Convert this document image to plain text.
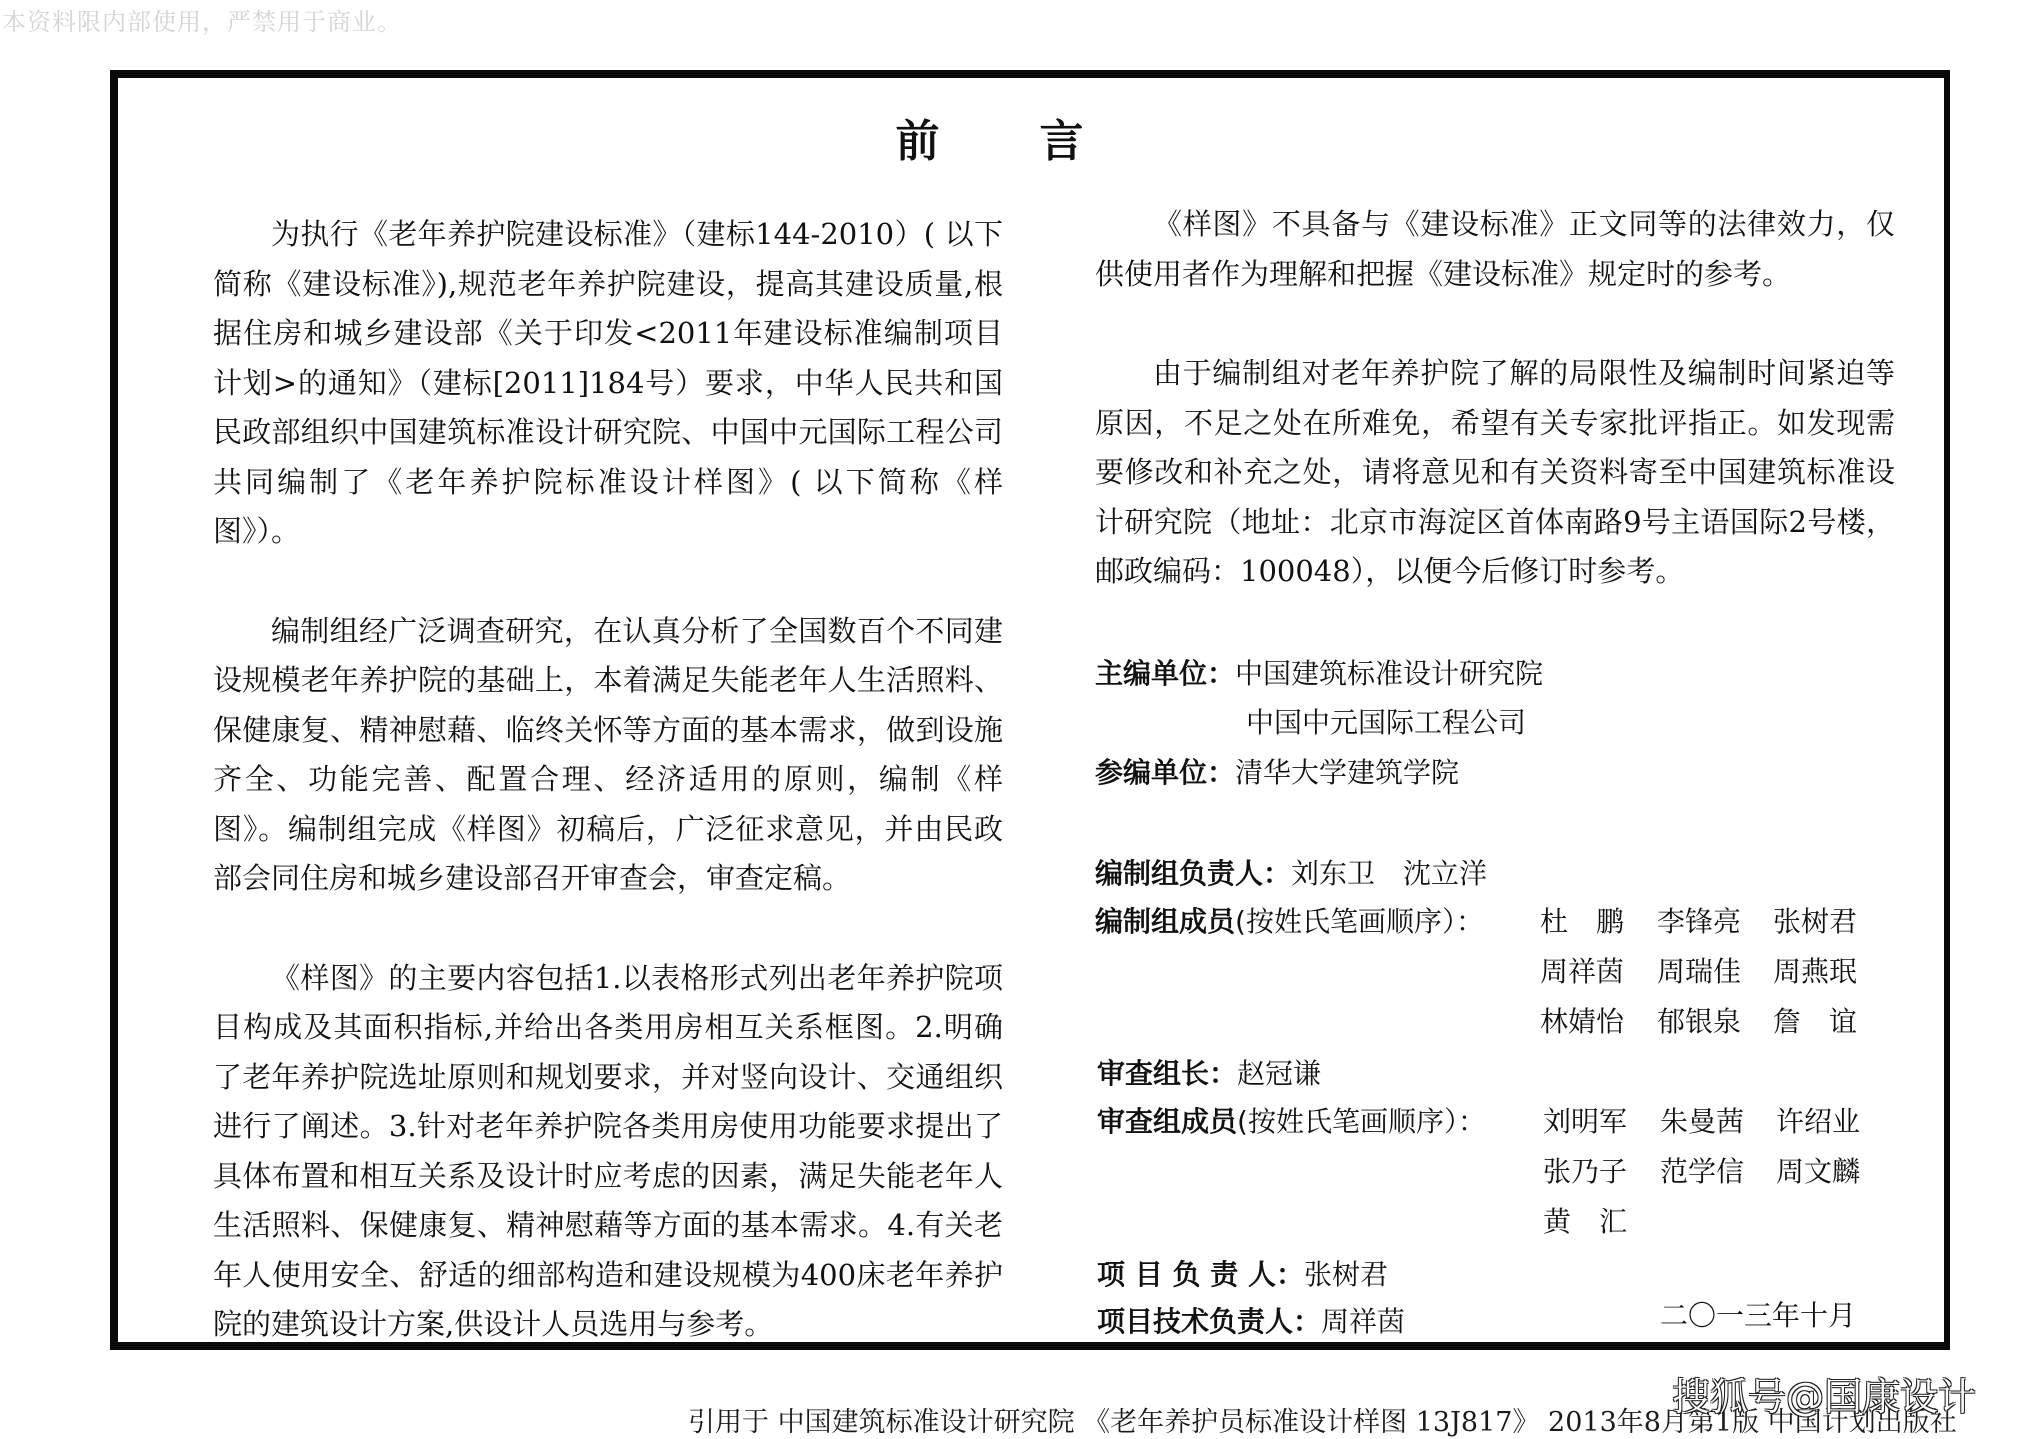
本资料限内部使用，严禁用于商业。
前言

为执行《老年养护院建设标准》（建标144-2010）( 以下简称《建设标准》),规范老年养护院建设，提高其建设质量,根据住房和城乡建设部《关于印发<2011年建设标准编制项目计划>的通知》（建标[2011]184号）要求，中华人民共和国民政部组织中国建筑标准设计研究院、中国中元国际工程公司共同编制了《老年养护院标准设计样图》( 以下简称《样图》）。

编制组经广泛调查研究，在认真分析了全国数百个不同建设规模老年养护院的基础上，本着满足失能老年人生活照料、保健康复、精神慰藉、临终关怀等方面的基本需求，做到设施齐全、功能完善、配置合理、经济适用的原则，编制《样图》。编制组完成《样图》初稿后，广泛征求意见，并由民政部会同住房和城乡建设部召开审查会，审查定稿。

《样图》的主要内容包括1.以表格形式列出老年养护院项目构成及其面积指标,并给出各类用房相互关系框图。2.明确了老年养护院选址原则和规划要求，并对竖向设计、交通组织进行了阐述。3.针对老年养护院各类用房使用功能要求提出了具体布置和相互关系及设计时应考虑的因素，满足失能老年人生活照料、保健康复、精神慰藉等方面的基本需求。4.有关老年人使用安全、舒适的细部构造和建设规模为400床老年养护院的建筑设计方案,供设计人员选用与参考。

《样图》不具备与《建设标准》正文同等的法律效力，仅供使用者作为理解和把握《建设标准》规定时的参考。

由于编制组对老年养护院了解的局限性及编制时间紧迫等原因，不足之处在所难免，希望有关专家批评指正。如发现需要修改和补充之处，请将意见和有关资料寄至中国建筑标准设计研究院（地址：北京市海淀区首体南路9号主语国际2号楼，邮政编码：100048），以便今后修订时参考。

主编单位：中国建筑标准设计研究院
中国中元国际工程公司
参编单位：清华大学建筑学院
编制组负责人：刘东卫　沈立洋
编制组成员(按姓氏笔画顺序）： 杜　鹏 李锋亮 张树君
周祥茵 周瑞佳 周燕珉
林婧怡 郁银泉 詹　谊
审查组长：赵冠谦
审查组成员(按姓氏笔画顺序）： 刘明军 朱曼茜 许绍业
张乃子 范学信 周文麟
黄　汇
项 目 负 责 人：张树君
项目技术负责人：周祥茵	二〇一三年十月
引用于 中国建筑标准设计研究院 《老年养护员标准设计样图 13J817》 2013年8月第1版 中国计划出版社
搜狐号@国康设计
